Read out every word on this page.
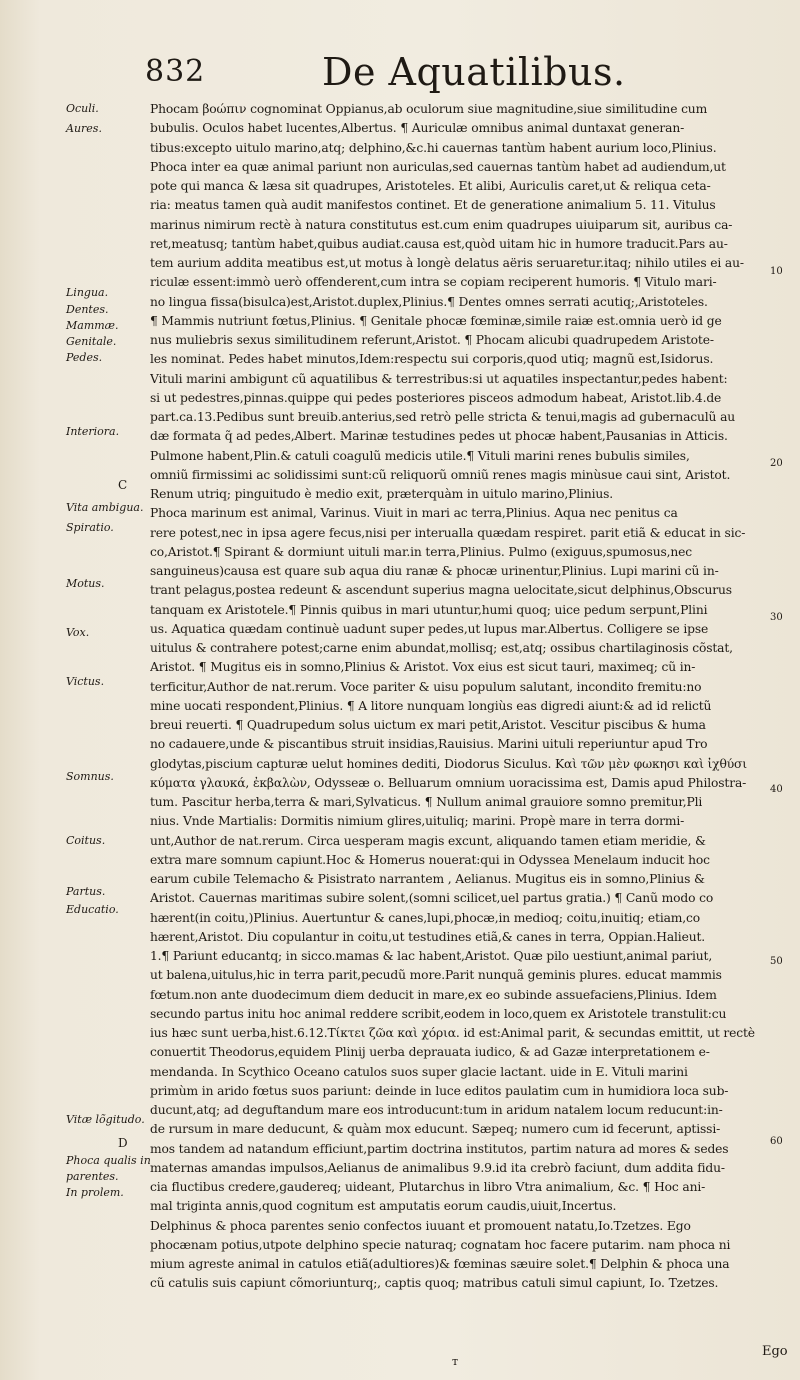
832	De Aquatilibus.
Oculi.
Aures.
Lingua.
Dentes.
Mammæ.
Genitale.
Pedes.
Interiora.
Vita ambigua.
Spiratio.
Motus.
Vox.
Victus.
Somnus.
Coitus.
Partus.
Educatio.
Vitæ lõgitudo.
Phoca qualis in
parentes.
In prolem.
C
D
Phocam βοώπιν cognominat Oppianus,ab oculorum siue magnitudine,siue similitudine cum
bubulis. Oculos habet lucentes,Albertus. ¶ Auriculæ omnibus animal duntaxat generan-
tibus:excepto uitulo marino,atq; delphino,&c.hi cauernas tantùm habent aurium loco,Plinius.
Phoca inter ea quæ animal pariunt non auriculas,sed cauernas tantùm habet ad audiendum,ut
pote qui manca & læsa sit quadrupes, Aristoteles. Et alibi, Auriculis caret,ut & reliqua ceta-
ria: meatus tamen quà audit manifestos continet. Et de generatione animalium 5. 11. Vitulus
marinus nimirum rectè à natura constitutus est.cum enim quadrupes uiuiparum sit, auribus ca-
ret,meatusq; tantùm habet,quibus audiat.causa est,quòd uitam hic in humore traducit.Pars au-
tem aurium addita meatibus est,ut motus à longè delatus aëris seruaretur.itaq; nihilo utiles ei au-
riculæ essent:immò uerò offenderent,cum intra se copiam reciperent humoris. ¶ Vitulo mari-
no lingua fissa(bisulca)est,Aristot.duplex,Plinius.¶ Dentes omnes serrati acutiq;,Aristoteles.
¶ Mammis nutriunt fœtus,Plinius. ¶ Genitale phocæ fœminæ,simile raiæ est.omnia uerò id ge
nus muliebris sexus similitudinem referunt,Aristot. ¶ Phocam alicubi quadrupedem Aristote-
les nominat. Pedes habet minutos,Idem:respectu sui corporis,quod utiq; magnũ est,Isidorus.
Vituli marini ambigunt cũ aquatilibus & terrestribus:si ut aquatiles inspectantur,pedes habent:
si ut pedestres,pinnas.quippe qui pedes posteriores pisceos admodum habeat, Aristot.lib.4.de
part.ca.13.Pedibus sunt breuib.anterius,sed retrò pelle stricta & tenui,magis ad gubernaculũ au
dæ formata q̃ ad pedes,Albert. Marinæ testudines pedes ut phocæ habent,Pausanias in Atticis.
Pulmone habent,Plin.& catuli coagulũ medicis utile.¶ Vituli marini renes bubulis similes,
omniũ firmissimi ac solidissimi sunt:cũ reliquorũ omniũ renes magis minùsue caui sint, Aristot.
Renum utriq; pinguitudo è medio exit, præterquàm in uitulo marino,Plinius.
Phoca marinum est animal, Varinus. Viuit in mari ac terra,Plinius. Aqua nec penitus ca
rere potest,nec in ipsa agere fecus,nisi per interualla quædam respiret. parit etiã & educat in sic-
co,Aristot.¶ Spirant & dormiunt uituli mar.in terra,Plinius. Pulmo (exiguus,spumosus,nec
sanguineus)causa est quare sub aqua diu ranæ & phocæ urinentur,Plinius. Lupi marini cũ in-
trant pelagus,postea redeunt & ascendunt superius magna uelocitate,sicut delphinus,Obscurus
tanquam ex Aristotele.¶ Pinnis quibus in mari utuntur,humi quoq; uice pedum serpunt,Plini
us. Aquatica quædam continuè uadunt super pedes,ut lupus mar.Albertus. Colligere se ipse
uitulus & contrahere potest;carne enim abundat,mollisq; est,atq; ossibus chartilaginosis cõstat,
Aristot. ¶ Mugitus eis in somno,Plinius & Aristot. Vox eius est sicut tauri, maximeq; cũ in-
terficitur,Author de nat.rerum. Voce pariter & uisu populum salutant, incondito fremitu:no
mine uocati respondent,Plinius. ¶ A litore nunquam longiùs eas digredi aiunt:& ad id relictũ
breui reuerti. ¶ Quadrupedum solus uictum ex mari petit,Aristot. Vescitur piscibus & huma
no cadauere,unde & piscantibus struit insidias,Rauisius. Marini uituli reperiuntur apud Tro
glodytas,piscium capturæ uelut homines dediti, Diodorus Siculus. Καὶ τῶν μὲν φωκησι καὶ ἰχθύσι
κύματα γλαυκά, ἐκβαλὼν, Odysseæ o. Belluarum omnium uoracissima est, Damis apud Philostra-
tum. Pascitur herba,terra & mari,Sylvaticus. ¶ Nullum animal grauiore somno premitur,Pli
nius. Vnde Martialis: Dormitis nimium glires,uituliq; marini. Propè mare in terra dormi-
unt,Author de nat.rerum. Circa uesperam magis excunt, aliquando tamen etiam meridie, &
extra mare somnum capiunt.Hoc & Homerus nouerat:qui in Odyssea Menelaum inducit hoc
earum cubile Telemacho & Pisistrato narrantem , Aelianus. Mugitus eis in somno,Plinius &
Aristot. Cauernas maritimas subire solent,(somni scilicet,uel partus gratia.) ¶ Canũ modo co
hærent(in coitu,)Plinius. Auertuntur & canes,lupi,phocæ,in medioq; coitu,inuitiq; etiam,co
hærent,Aristot. Diu copulantur in coitu,ut testudines etiã,& canes in terra, Oppian.Halieut.
1.¶ Pariunt educantq; in sicco.mamas & lac habent,Aristot. Quæ pilo uestiunt,animal pariut,
ut balena,uitulus,hic in terra parit,pecudũ more.Parit nunquã geminis plures. educat mammis
fœtum.non ante duodecimum diem deducit in mare,ex eo subinde assuefaciens,Plinius. Idem
secundo partus initu hoc animal reddere scribit,eodem in loco,quem ex Aristotele transtulit:cu
ius hæc sunt uerba,hist.6.12.Τίκτει ζῶα καὶ χόρια. id est:Animal parit, & secundas emittit, ut rectè
conuertit Theodorus,equidem Plinij uerba deprauata iudico, & ad Gazæ interpretationem e-
mendanda. In Scythico Oceano catulos suos super glacie lactant. uide in E. Vituli marini
primùm in arido fœtus suos pariunt: deinde in luce editos paulatim cum in humidiora loca sub-
ducunt,atq; ad deguftandum mare eos introducunt:tum in aridum natalem locum reducunt:in-
de rursum in mare deducunt, & quàm mox educunt. Sæpeq; numero cum id fecerunt, aptissi-
mos tandem ad natandum efficiunt,partim doctrina institutos, partim natura ad mores & sedes
maternas amandas impulsos,Aelianus de animalibus 9.9.id ita crebrò faciunt, dum addita fidu-
cia fluctibus credere,gaudereq; uideant, Plutarchus in libro Vtra animalium, &c. ¶ Hoc ani-
mal triginta annis,quod cognitum est amputatis eorum caudis,uiuit,Incertus.
Delphinus & phoca parentes senio confectos iuuant et promouent natatu,Io.Tzetzes. Ego
phocænam potius,utpote delphino specie naturaq; cognatam hoc facere putarim. nam phoca ni
mium agreste animal in catulos etiã(adultiores)& fœminas sæuire solet.¶ Delphin & phoca una
cũ catulis suis capiunt cõmoriunturq;, captis quoq; matribus catuli simul capiunt, Io. Tzetzes.
10
20
30
40
50
60
ᴛ
Ego
